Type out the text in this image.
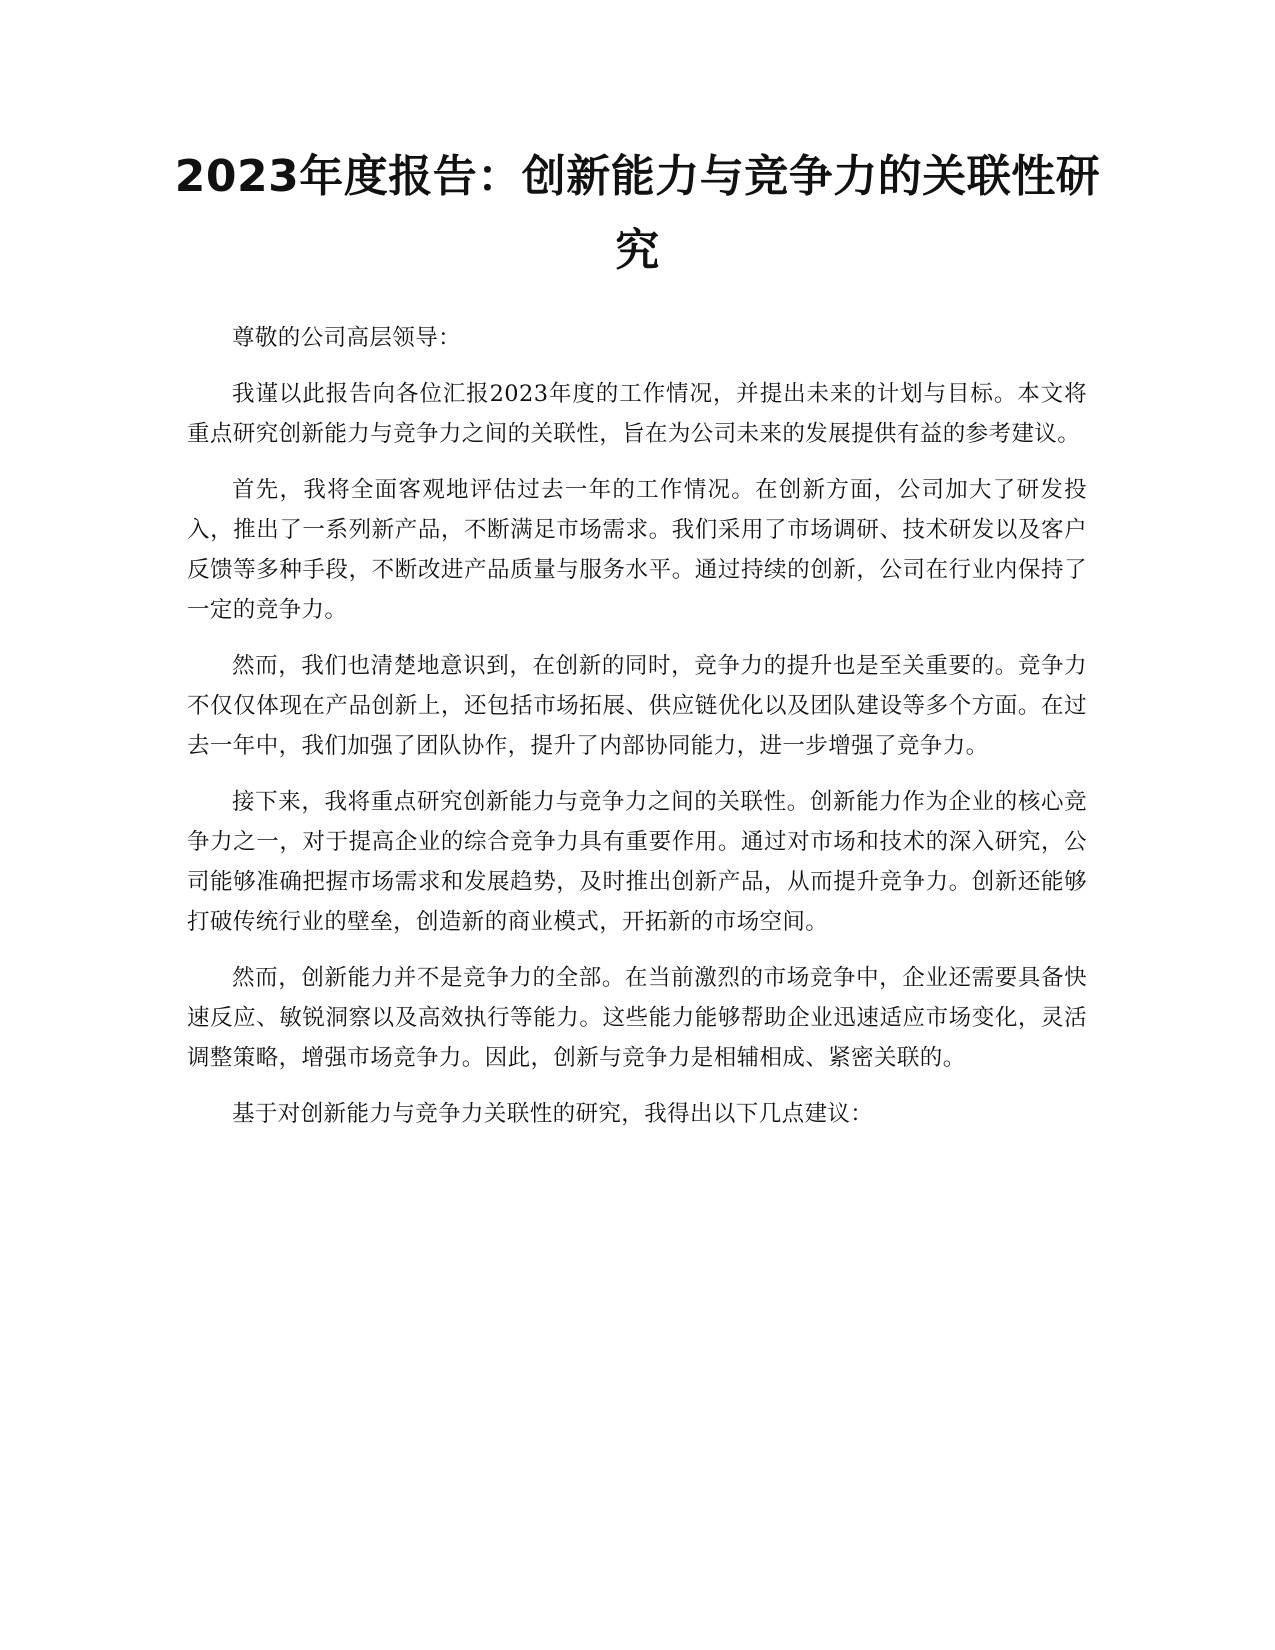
2023年度报告：创新能力与竞争力的关联性研究

尊敬的公司高层领导：

我谨以此报告向各位汇报2023年度的工作情况，并提出未来的计划与目标。本文将重点研究创新能力与竞争力之间的关联性，旨在为公司未来的发展提供有益的参考建议。

首先，我将全面客观地评估过去一年的工作情况。在创新方面，公司加大了研发投入，推出了一系列新产品，不断满足市场需求。我们采用了市场调研、技术研发以及客户反馈等多种手段，不断改进产品质量与服务水平。通过持续的创新，公司在行业内保持了一定的竞争力。

然而，我们也清楚地意识到，在创新的同时，竞争力的提升也是至关重要的。竞争力不仅仅体现在产品创新上，还包括市场拓展、供应链优化以及团队建设等多个方面。在过去一年中，我们加强了团队协作，提升了内部协同能力，进一步增强了竞争力。

接下来，我将重点研究创新能力与竞争力之间的关联性。创新能力作为企业的核心竞争力之一，对于提高企业的综合竞争力具有重要作用。通过对市场和技术的深入研究，公司能够准确把握市场需求和发展趋势，及时推出创新产品，从而提升竞争力。创新还能够打破传统行业的壁垒，创造新的商业模式，开拓新的市场空间。

然而，创新能力并不是竞争力的全部。在当前激烈的市场竞争中，企业还需要具备快速反应、敏锐洞察以及高效执行等能力。这些能力能够帮助企业迅速适应市场变化，灵活调整策略，增强市场竞争力。因此，创新与竞争力是相辅相成、紧密关联的。

基于对创新能力与竞争力关联性的研究，我得出以下几点建议：
